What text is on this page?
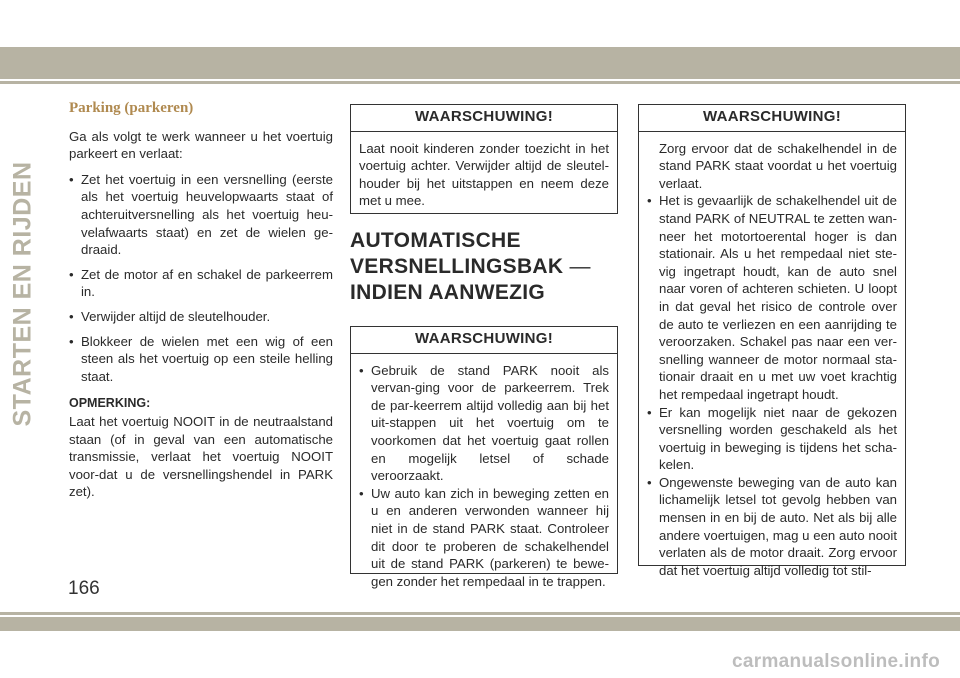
STARTEN EN RIJDEN
Parking (parkeren)

Ga als volgt te werk wanneer u het voertuig parkeert en verlaat:

• Zet het voertuig in een versnelling (eerste als het voertuig heuvelopwaarts staat of achteruitversnelling als het voertuig heu-velafwaarts staat) en zet de wielen ge-draaid.
• Zet de motor af en schakel de parkeerrem in.
• Verwijder altijd de sleutelhouder.
• Blokkeer de wielen met een wig of een steen als het voertuig op een steile helling staat.
OPMERKING:

Laat het voertuig NOOIT in de neutraalstand staan (of in geval van een automatische transmissie, verlaat het voertuig NOOIT voor-dat u de versnellingshendel in PARK zet).

WAARSCHUWING!

Laat nooit kinderen zonder toezicht in het voertuig achter. Verwijder altijd de sleutel-houder bij het uitstappen en neem deze met u mee.

AUTOMATISCHE
VERSNELLINGSBAK —
INDIEN AANWEZIG
WAARSCHUWING!
• Gebruik de stand PARK nooit als vervan-ging voor de parkeerrem. Trek de par-keerrem altijd volledig aan bij het uit-stappen uit het voertuig om te voorkomen dat het voertuig gaat rollen en mogelijk letsel of schade veroorzaakt.
• Uw auto kan zich in beweging zetten en u en anderen verwonden wanneer hij niet in de stand PARK staat. Controleer dit door te proberen de schakelhendel uit de stand PARK (parkeren) te bewe-gen zonder het rempedaal in te trappen.
WAARSCHUWING!

Zorg ervoor dat de schakelhendel in de stand PARK staat voordat u het voertuig verlaat.

• Het is gevaarlijk de schakelhendel uit de stand PARK of NEUTRAL te zetten wan-neer het motortoerental hoger is dan stationair. Als u het rempedaal niet ste-vig ingetrapt houdt, kan de auto snel naar voren of achteren schieten. U loopt in dat geval het risico de controle over de auto te verliezen en een aanrijding te veroorzaken. Schakel pas naar een ver-snelling wanneer de motor normaal sta-tionair draait en u met uw voet krachtig het rempedaal ingetrapt houdt.
• Er kan mogelijk niet naar de gekozen versnelling worden geschakeld als het voertuig in beweging is tijdens het scha-kelen.
• Ongewenste beweging van de auto kan lichamelijk letsel tot gevolg hebben van mensen in en bij de auto. Net als bij alle andere voertuigen, mag u een auto nooit verlaten als de motor draait. Zorg ervoor dat het voertuig altijd volledig tot stil-
166
carmanualsonline.info
